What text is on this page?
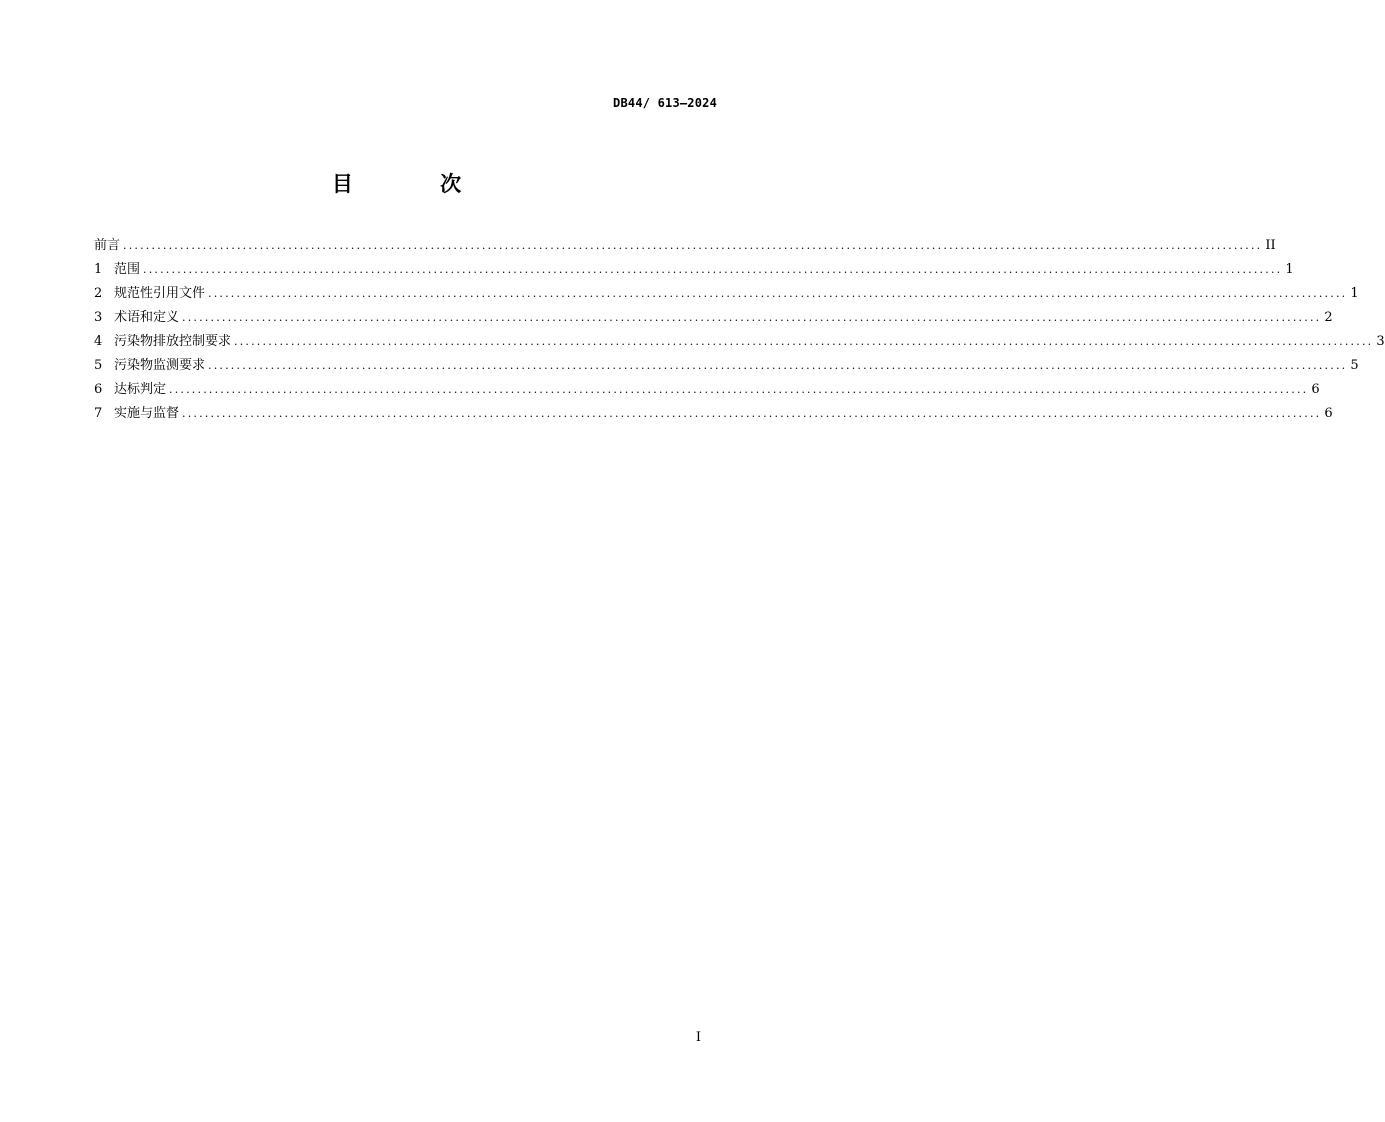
DB44/ 613—2024
目 次
前言 ........................................................................................................................................................................................................ II
1 范围 ........................................................................................................................................................................................................ 1
2 规范性引用文件 ........................................................................................................................................................................................................ 1
3 术语和定义 ........................................................................................................................................................................................................ 2
4 污染物排放控制要求 ........................................................................................................................................................................................................ 3
5 污染物监测要求 ........................................................................................................................................................................................................ 5
6 达标判定 ........................................................................................................................................................................................................ 6
7 实施与监督 ........................................................................................................................................................................................................ 6
I
